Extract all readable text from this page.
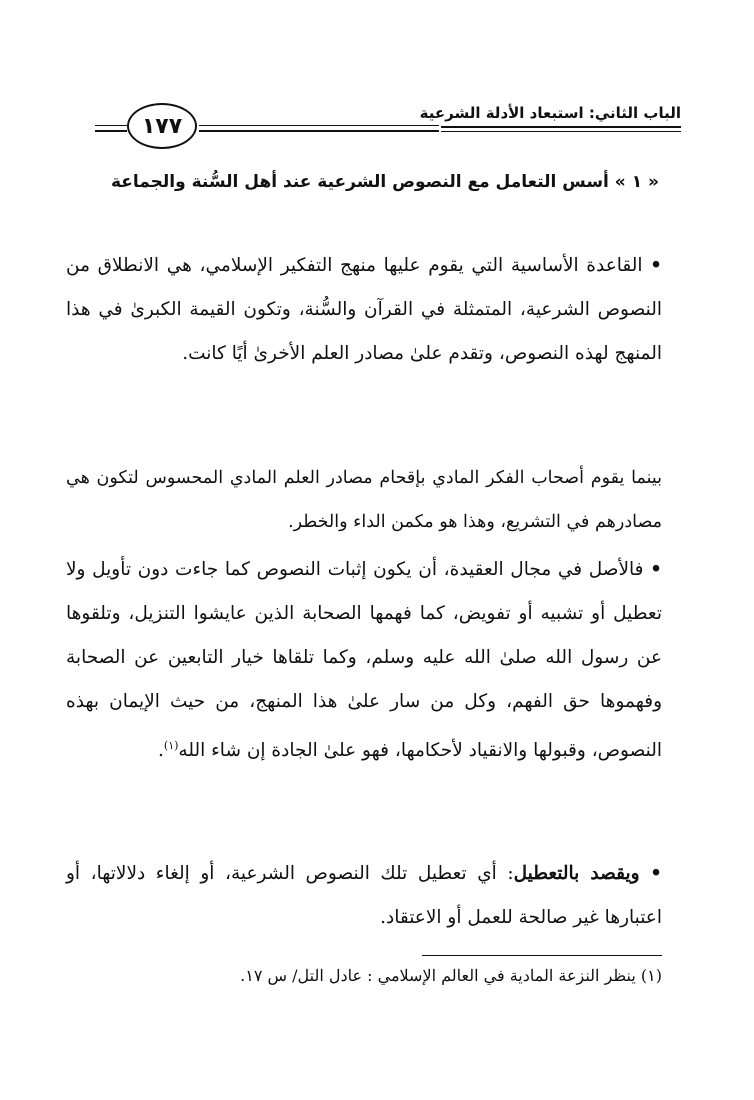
الباب الثاني: استبعاد الأدلة الشرعية
١٧٧
« ١ » أسس التعامل مع النصوص الشرعية عند أهل السُّنة والجماعة

• القاعدة الأساسية التي يقوم عليها منهج التفكير الإسلامي، هي الانطلاق من النصوص الشرعية، المتمثلة في القرآن والسُّنة، وتكون القيمة الكبرىٰ في هذا المنهج لهذه النصوص، وتقدم علىٰ مصادر العلم الأخرىٰ أيًا كانت.

بينما يقوم أصحاب الفكر المادي بإقحام مصادر العلم المادي المحسوس لتكون هي مصادرهم في التشريع، وهذا هو مكمن الداء والخطر.

• فالأصل في مجال العقيدة، أن يكون إثبات النصوص كما جاءت دون تأويل ولا تعطيل أو تشبيه أو تفويض، كما فهمها الصحابة الذين عايشوا التنزيل، وتلقوها عن رسول الله صلىٰ الله عليه وسلم، وكما تلقاها خيار التابعين عن الصحابة وفهموها حق الفهم، وكل من سار علىٰ هذا المنهج، من حيث الإيمان بهذه النصوص، وقبولها والانقياد لأحكامها، فهو علىٰ الجادة إن شاء الله$^{(١)}$.

• ويقصد بالتعطيل: أي تعطيل تلك النصوص الشرعية، أو إلغاء دلالاتها، أو اعتبارها غير صالحة للعمل أو الاعتقاد.

(١) ينظر النزعة المادية في العالم الإسلامي : عادل التل/ س ١٧.
